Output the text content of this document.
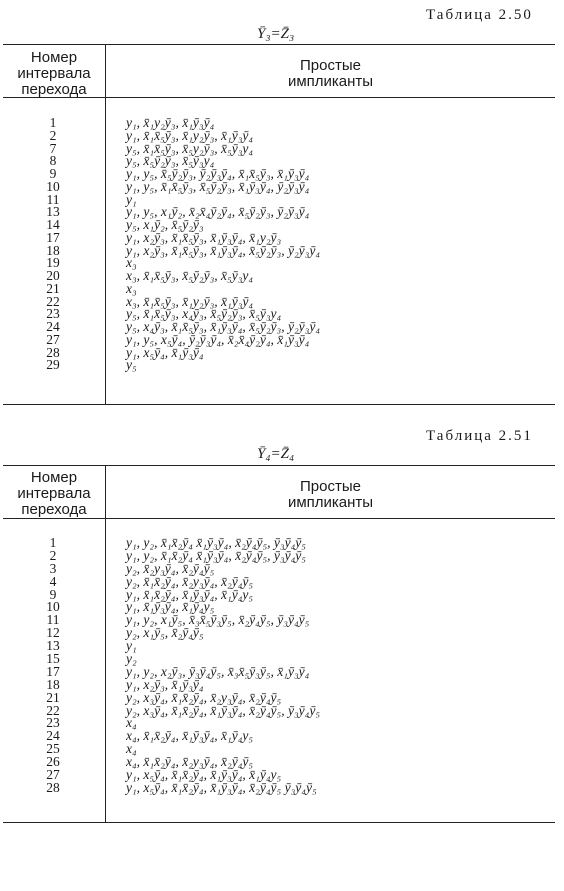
Таблица 2.50
Ȳ₃=Z̄₃
Номер
интервала
перехода
Простые
импликанты
1	y₁, x̄₁y₂ȳ₃, x̄₁ȳ₃ȳ₄
2	y₁, x̄₁x̄₅ȳ₃, x̄₁y₂ȳ₃, x̄₁ȳ₃ȳ₄
7	y₅, x̄₁x̄₅ȳ₃, x̄₅y₂ȳ₃, x̄₅ȳ₃y₄
8	y₅, x̄₅ȳ₂ȳ₃, x̄₅ȳ₃y₄
9	y₁, y₅, x̄₅ȳ₂ȳ₃, ȳ₂ȳ₃ȳ₄, x̄₁x̄₅ȳ₃, x̄₁ȳ₃ȳ₄
10	y₁, y₅, x̄₁x̄₅ȳ₃, x̄₅ȳ₂ȳ₃, x̄₁ȳ₃ȳ₄, ȳ₂ȳ₃ȳ₄
11	y₁
13	y₁, y₅, x₁ȳ₂, x̄₂x̄₄ȳ₂ȳ₄, x̄₅ȳ₂ȳ₃, ȳ₂ȳ₃ȳ₄
14	y₅, x₁ȳ₂, x̄₅ȳ₂ȳ₃
17	y₁, x₂ȳ₃, x̄₁x̄₅ȳ₃, x̄₁ȳ₃ȳ₄, x̄₁y₂ȳ₃
18	y₁, x₂ȳ₃, x̄₁x̄₅ȳ₃, x̄₁ȳ₃ȳ₄, x̄₅ȳ₂ȳ₃, ȳ₂ȳ₃ȳ₄
19	x₃
20	x₃, x̄₁x̄₅ȳ₃, x̄₅ȳ₂ȳ₃, x̄₅ȳ₃y₄
21	x₃
22	x₃, x̄₁x̄₅ȳ₃, x̄₁y₂ȳ₃, x̄₁ȳ₃ȳ₄
23	y₅, x̄₁x̄₅ȳ₃, x₄ȳ₃, x̄₅ȳ₂ȳ₃, x̄₅ȳ₃y₄
24	y₅, x₄ȳ₃, x̄₁x̄₅ȳ₃, x̄₁ȳ₃ȳ₄, x̄₅ȳ₂ȳ₃, ȳ₂ȳ₃ȳ₄
27	y₁, y₅, x₅ȳ₄, ȳ₂ȳ₃ȳ₄, x̄₂x̄₄ȳ₂ȳ₄, x̄₁ȳ₃ȳ₄
28	y₁, x₅ȳ₄, x̄₁ȳ₃ȳ₄
29	y₅
Таблица 2.51
Ȳ₄=Z̄₄
Номер
интервала
перехода
Простые
импликанты
1	y₁, y₂, x̄₁x̄₂ȳ₄ x̄₁ȳ₃ȳ₄, x̄₂ȳ₄ȳ₅, ȳ₃ȳ₄ȳ₅
2	y₁, y₂, x̄₁x̄₂ȳ₄ x̄₁ȳ₃ȳ₄, x̄₂ȳ₄ȳ₅, ȳ₃ȳ₄ȳ₅
3	y₂, x̄₂y₃ȳ₄, x̄₂ȳ₄ȳ₅
4	y₂, x̄₁x̄₂ȳ₄, x̄₂y₃ȳ₄, x̄₂ȳ₄ȳ₅
9	y₁, x̄₁x̄₂ȳ₄, x̄₁ȳ₃ȳ₄, x̄₁ȳ₄y₅
10	y₁, x̄₁ȳ₃ȳ₄, x̄₁ȳ₄y₅
11	y₁, y₂, x₁ȳ₅, x̄₃x̄₅ȳ₃ȳ₅, x̄₂ȳ₄ȳ₅, ȳ₃ȳ₄ȳ₅
12	y₂, x₁ȳ₅, x̄₂ȳ₄ȳ₅
13	y₁
15	y₂
17	y₁, y₂, x₂ȳ₃, ȳ₃ȳ₄ȳ₅, x̄₃x̄₅ȳ₃ȳ₅, x̄₁ȳ₃ȳ₄
18	y₁, x₂ȳ₃, x̄₁ȳ₃ȳ₄
21	y₂, x₃ȳ₄, x̄₁x̄₂ȳ₄, x̄₂y₃ȳ₄, x̄₂ȳ₄ȳ₅
22	y₂, x₃ȳ₄, x̄₁x̄₂ȳ₄, x̄₁ȳ₃ȳ₄, x̄₂ȳ₄ȳ₅, ȳ₃ȳ₄ȳ₅
23	x₄
24	x₄, x̄₁x̄₂ȳ₄, x̄₁ȳ₃ȳ₄, x̄₁ȳ₄y₅
25	x₄
26	x₄, x̄₁x̄₂ȳ₄, x̄₂y₃ȳ₄, x̄₂ȳ₄ȳ₅
27	y₁, x₅ȳ₄, x̄₁x̄₂ȳ₄, x̄₁ȳ₃ȳ₄, x̄₁ȳ₄y₅
28	y₁, x₅ȳ₄, x̄₁x̄₂ȳ₄, x̄₁ȳ₃ȳ₄, x̄₂ȳ₄ȳ₅ ȳ₃ȳ₄ȳ₅
